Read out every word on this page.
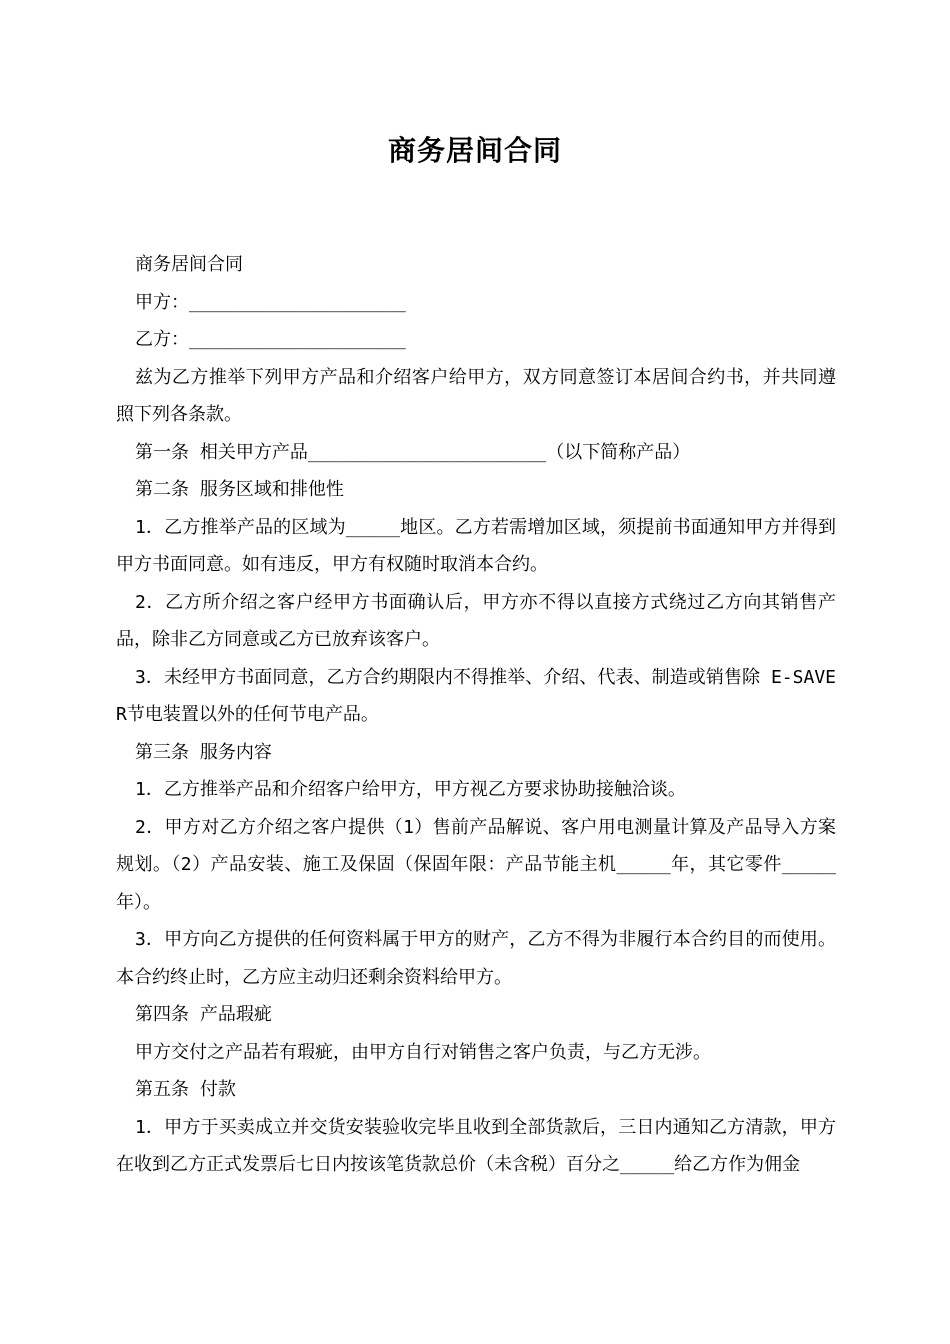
商务居间合同

商务居间合同

甲方：____________________

乙方：____________________

兹为乙方推举下列甲方产品和介绍客户给甲方，双方同意签订本居间合约书，并共同遵照下列各条款。

第一条 相关甲方产品______________________（以下简称产品）

第二条 服务区域和排他性

1．乙方推举产品的区域为_____地区。乙方若需增加区域，须提前书面通知甲方并得到甲方书面同意。如有违反，甲方有权随时取消本合约。

2．乙方所介绍之客户经甲方书面确认后，甲方亦不得以直接方式绕过乙方向其销售产品，除非乙方同意或乙方已放弃该客户。

3．未经甲方书面同意，乙方合约期限内不得推举、介绍、代表、制造或销售除 E-SAVER节电装置以外的任何节电产品。

第三条 服务内容

1．乙方推举产品和介绍客户给甲方，甲方视乙方要求协助接触洽谈。

2．甲方对乙方介绍之客户提供（1）售前产品解说、客户用电测量计算及产品导入方案规划。（2）产品安装、施工及保固（保固年限：产品节能主机_____年，其它零件_____年）。

3．甲方向乙方提供的任何资料属于甲方的财产，乙方不得为非履行本合约目的而使用。本合约终止时，乙方应主动归还剩余资料给甲方。

第四条 产品瑕疵

甲方交付之产品若有瑕疵，由甲方自行对销售之客户负责，与乙方无涉。

第五条 付款

1．甲方于买卖成立并交货安装验收完毕且收到全部货款后，三日内通知乙方清款，甲方在收到乙方正式发票后七日内按该笔货款总价（未含税）百分之_____给乙方作为佣金
